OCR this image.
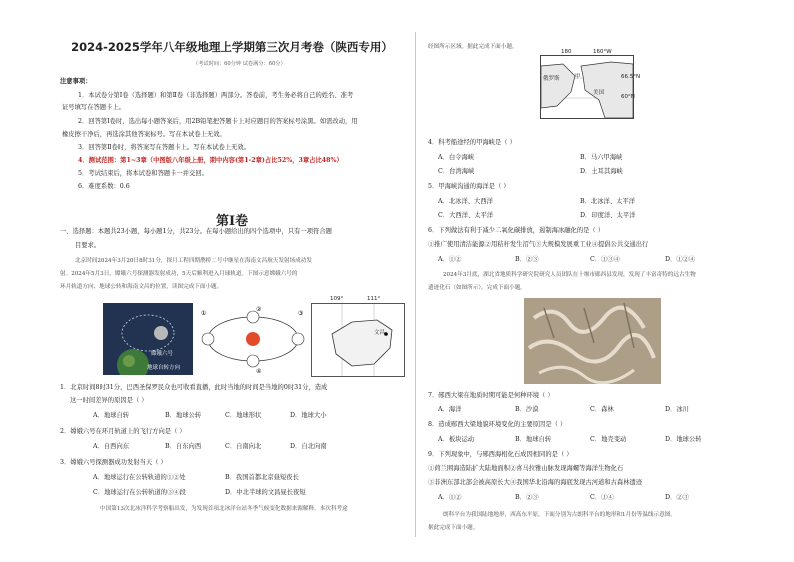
2024-2025学年八年级地理上学期第三次月考卷（陕西专用）
（考试时间：60分钟 试卷满分：60分）
注意事项：
1．本试卷分第Ⅰ卷（选择题）和第Ⅱ卷（非选择题）两部分。答卷前，考生务必将自己的姓名、准考
证号填写在答题卡上。
2．回答第Ⅰ卷时，选出每小题答案后，用2B铅笔把答题卡上对应题目的答案标号涂黑。如需改动，用
橡皮擦干净后，再选涂其他答案标号。写在本试卷上无效。
3．回答第Ⅱ卷时，将答案写在答题卡上。写在本试卷上无效。
4．测试范围：第1~3章（中图版八年级上册，期中内容(第1-2章)占比52%，3章占比48%）
5．考试结束后，将本试卷和答题卡一并交回。
6．难度系数：0.6
第Ⅰ卷
一、选择题：本题共23小题，每小题1分，共23分。在每小题给出的四个选项中，只有一项符合题
目要求。
北京时间2024年3月20日8时31分，探月工程四期鹊桥二号中继星在海南文昌航天发射场成功发
射。2024年5月3日，嫦娥六号探测器发射成功，5天后顺利进入月球轨道。下图示意嫦娥六号的
环月轨道方向、地球公转和海南文昌的位置，读图完成下面小题。
嫦娥六号
地球自转方向
①
②
③
④
文昌
109°	111°
1．北京时间8时31分，巴西圣保罗民众也可收看直播，此时当地的时间是当地的0时31分，造成
这一时间差异的原因是（ ）
A．地球自转	B．地球公转	C．地球形状	D．地球大小
2．嫦娥六号在环月轨道上的飞行方向是（ ）
A．自西向东	B．自东向西	C．自南向北	D．自北向南
3．嫦娥六号探测器成功发射当天（ ）
A．地球运行在公转轨道的①②处	B．我国首都北京昼短夜长
C．地球运行在公转轨道的③④段	D．中北半球的文昌昼长夜短
中国第13次北冰洋科学考察船出发，为发现首项北冰洋台站冬季气候变化数据来源解释。本次科考途
经图所示区域。据此完成下面小题。
俄罗斯	甲
美国
180	160°W
66.5°N
60°N
4．科考船途经的甲海峡是（ ）
A．白令海峡	B．马六甲海峡
C．台湾海峡	D．土耳其海峡
5．甲海峡沟通的海洋是（ ）
A．北冰洋、大西洋	B．北冰洋、太平洋
C．大西洋、太平洋	D．印度洋、太平洋
6．下列做法有利于减少二氧化碳排放，遏制海冰融化的是（ ）
①推广使用清洁能源②用秸秆发生沼气③大规模发展重工业④提倡公共交通出行
A．①②	B．②③	C．①③④	D．①②④
2024年3月底，湖北省地质科学研究院研究人员团队在十堰市郧西县发现，发现了丰富奇特的远古生物
遗迹化石（如图所示）。完成下面小题。
7．郧西大梁在地质时期可能是何种环境（ ）
A．海洋	B．沙漠	C．森林	D．冰川
8．造成郧西大梁地貌环境变化的主要原因是（ ）
A．板块运动	B．地球自转	C．地壳变动	D．地球公转
9．下列现象中，与郧西海相化石成因相同的是（ ）
①荷兰围海造陆扩大陆地面积②喜马拉雅山脉发现海螺等海洋生物化石
③非洲东部北部会被高原长大④我国华北沿海的海底发现古河道和古森林遗迹
A．①②	B．②③	C．①④	D．②③
朗科平台为我国陆地地形，西高东平原。下面分别为古朗科平台的地形和1月份等温线示意图。
据此完成下面小题。
